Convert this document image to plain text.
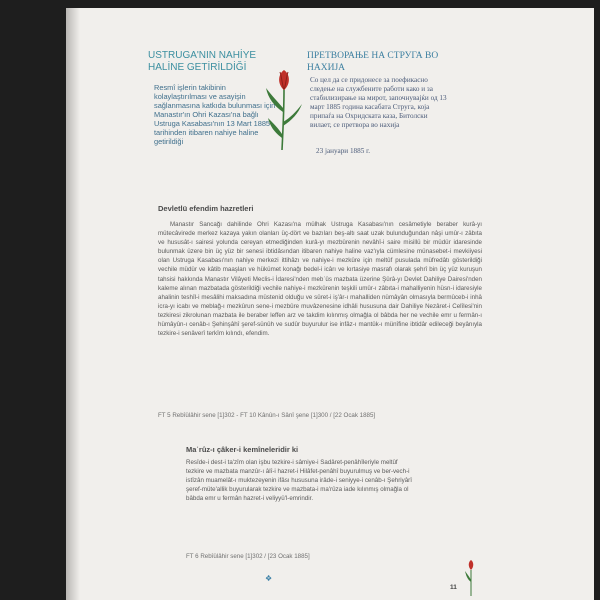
USTRUGA'NIN NAHİYE HALİNE GETİRİLDİĞİ
Resmî işlerin takibinin kolaylaştırılması ve asayişin sağlanmasına katkıda bulunması için Manastır'ın Ohri Kazası'na bağlı Ustruga Kasabası'nın 13 Mart 1885 tarihinden itibaren nahiye haline getirildiği
ПРЕТВОРАЊЕ НА СТРУГА ВО НАХИЈА
Со цел да се придонесе за поефикасно следење на службените работи како и за стабилизирање на мирот, започнувајќи од 13 март 1885 година касабата Струга, која припаѓа на Охридската каза, Битолски вилает, се претвора во нахија
23 јануари 1885 г.
Devletlü efendim hazretleri
Manastır Sancağı dahilinde Ohri Kazası'na mülhak Ustruga Kasabası'nın cesâmetiyle beraber kurâ-yı mütecâvirede merkez kazaya yakın olanları üç-dört ve bazıları beş-altı saat uzak bulunduğundan nâşi umûr-ı zâbıta ve hususât-ı sairesi yolunda cereyan etmediğinden kurâ-yı mezbûrenin nevâhî-i saire misillü bir müdür idaresinde bulunmak üzere bin üç yüz bir senesi ibtidâsından itibaren nahiye haline vaz'ıyla cümlesine münasebet-i mevkiiyesi olan Ustruga Kasabası'nın nahiye merkezi ittihâzı ve nahiye-i mezkûre için meltûf pusulada müfredâtı gösterildiği vechile müdür ve kâtib maaşları ve hükümet konağı bedel-i icârı ve kırtasiye masrafı olarak şehrî bin üç yüz kuruşun tahsisi hakkında Manastır Vilâyeti Meclis-i İdaresi'nden mebʿûs mazbata üzerine Şûrâ-yı Devlet Dahiliye Dairesi'nden kaleme alınan mazbatada gösterildiği vechile nahiye-i mezkûrenin teşkili umûr-ı zâbıta-i mahalliyenin hüsn-i idaresiyle ahalinin teshîl-i mesâlihi maksadına müstenid olduğu ve sûret-i iş'âr-ı mahalliden nümâyân olmasıyla bermûceb-i inhâ icra-yı icabı ve meblağ-ı mezkûrun sene-i mezbûre muvâzenesine idhâli hususuna dair Dahiliye Nezâret-i Celîlesi'nin tezkiresi zikrolunan mazbata ile beraber leffen arz ve takdim kılınmış olmağla ol bâbda her ne vechile emr u fermân-ı hümâyûn-ı cenâb-ı Şehinşâhî şeref-sünûh ve sudûr buyurulur ise infâz-ı mantûk-ı münîfine ibtidâr edileceği beyânıyla tezkire-i senâverî terkîm kılındı, efendim.
FT 5 Rebîülâhir sene [1]302 - FT 10 Kânûn-ı Sânî şene [1]300 / [22 Ocak 1885]
Maʿrûz-ı çâker-i kemîneleridir ki
Resîde-i dest-i ta'zîm olan işbu tezkire-i sâmiye-i Sadâret-penâhîleriyle meltûf tezkire ve mazbata manzûr-ı âlî-i hazret-i Hilâfet-penâhî buyurulmuş ve ber-vech-i istîzân muamelât-ı muktezeyenin ifâsı hususuna irâde-i seniyye-i cenâb-ı Şehriyârî şeref-müte'allik buyurularak tezkire ve mazbata-i ma'rûza iade kılınmış olmağla ol bâbda emr u fermân hazret-i veliyyü'l-emrindir.
FT 6 Rebîülâhir sene [1]302 / [23 Ocak 1885]
❖
11
